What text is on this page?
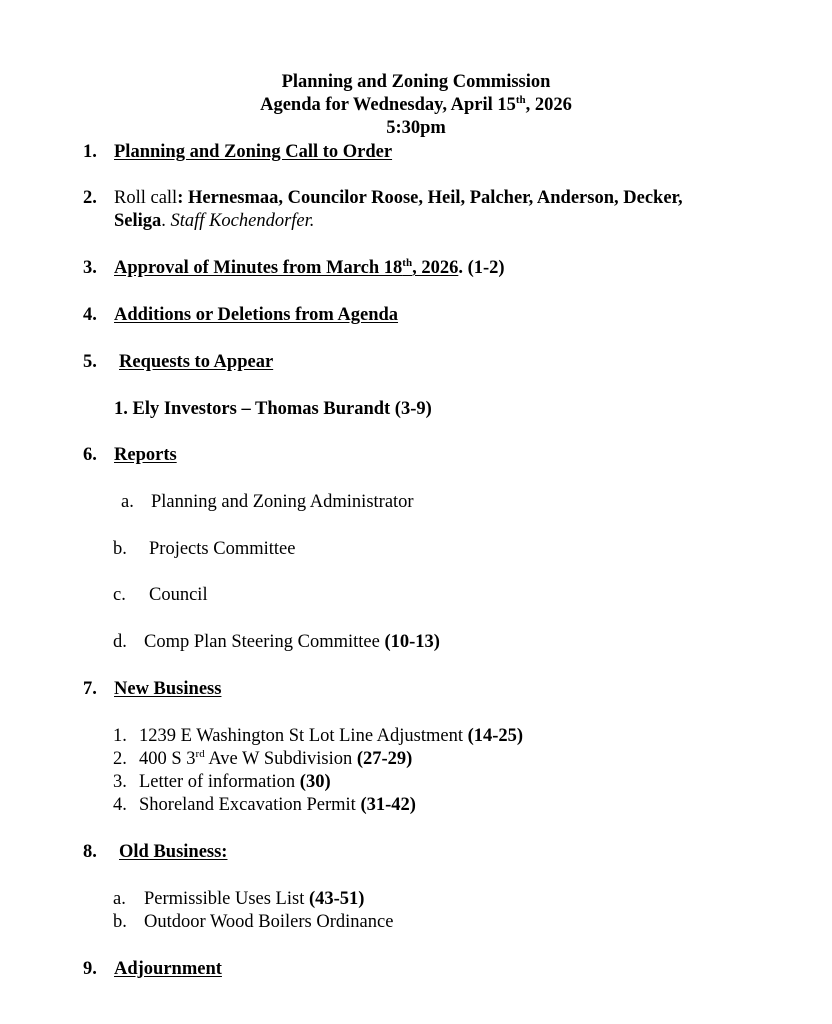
Planning and Zoning Commission
Agenda for Wednesday, April 15th, 2026
5:30pm
1. Planning and Zoning Call to Order
2. Roll call: Hernesmaa, Councilor Roose, Heil, Palcher, Anderson, Decker,
Seliga. Staff Kochendorfer.
3. Approval of Minutes from March 18th, 2026. (1-2)
4. Additions or Deletions from Agenda
5. Requests to Appear
1. Ely Investors – Thomas Burandt (3-9)
6. Reports
a. Planning and Zoning Administrator
b. Projects Committee
c. Council
d. Comp Plan Steering Committee (10-13)
7. New Business
1. 1239 E Washington St Lot Line Adjustment (14-25)
2. 400 S 3rd Ave W Subdivision (27-29)
3. Letter of information (30)
4. Shoreland Excavation Permit (31-42)
8. Old Business:
a. Permissible Uses List (43-51)
b. Outdoor Wood Boilers Ordinance
9. Adjournment
